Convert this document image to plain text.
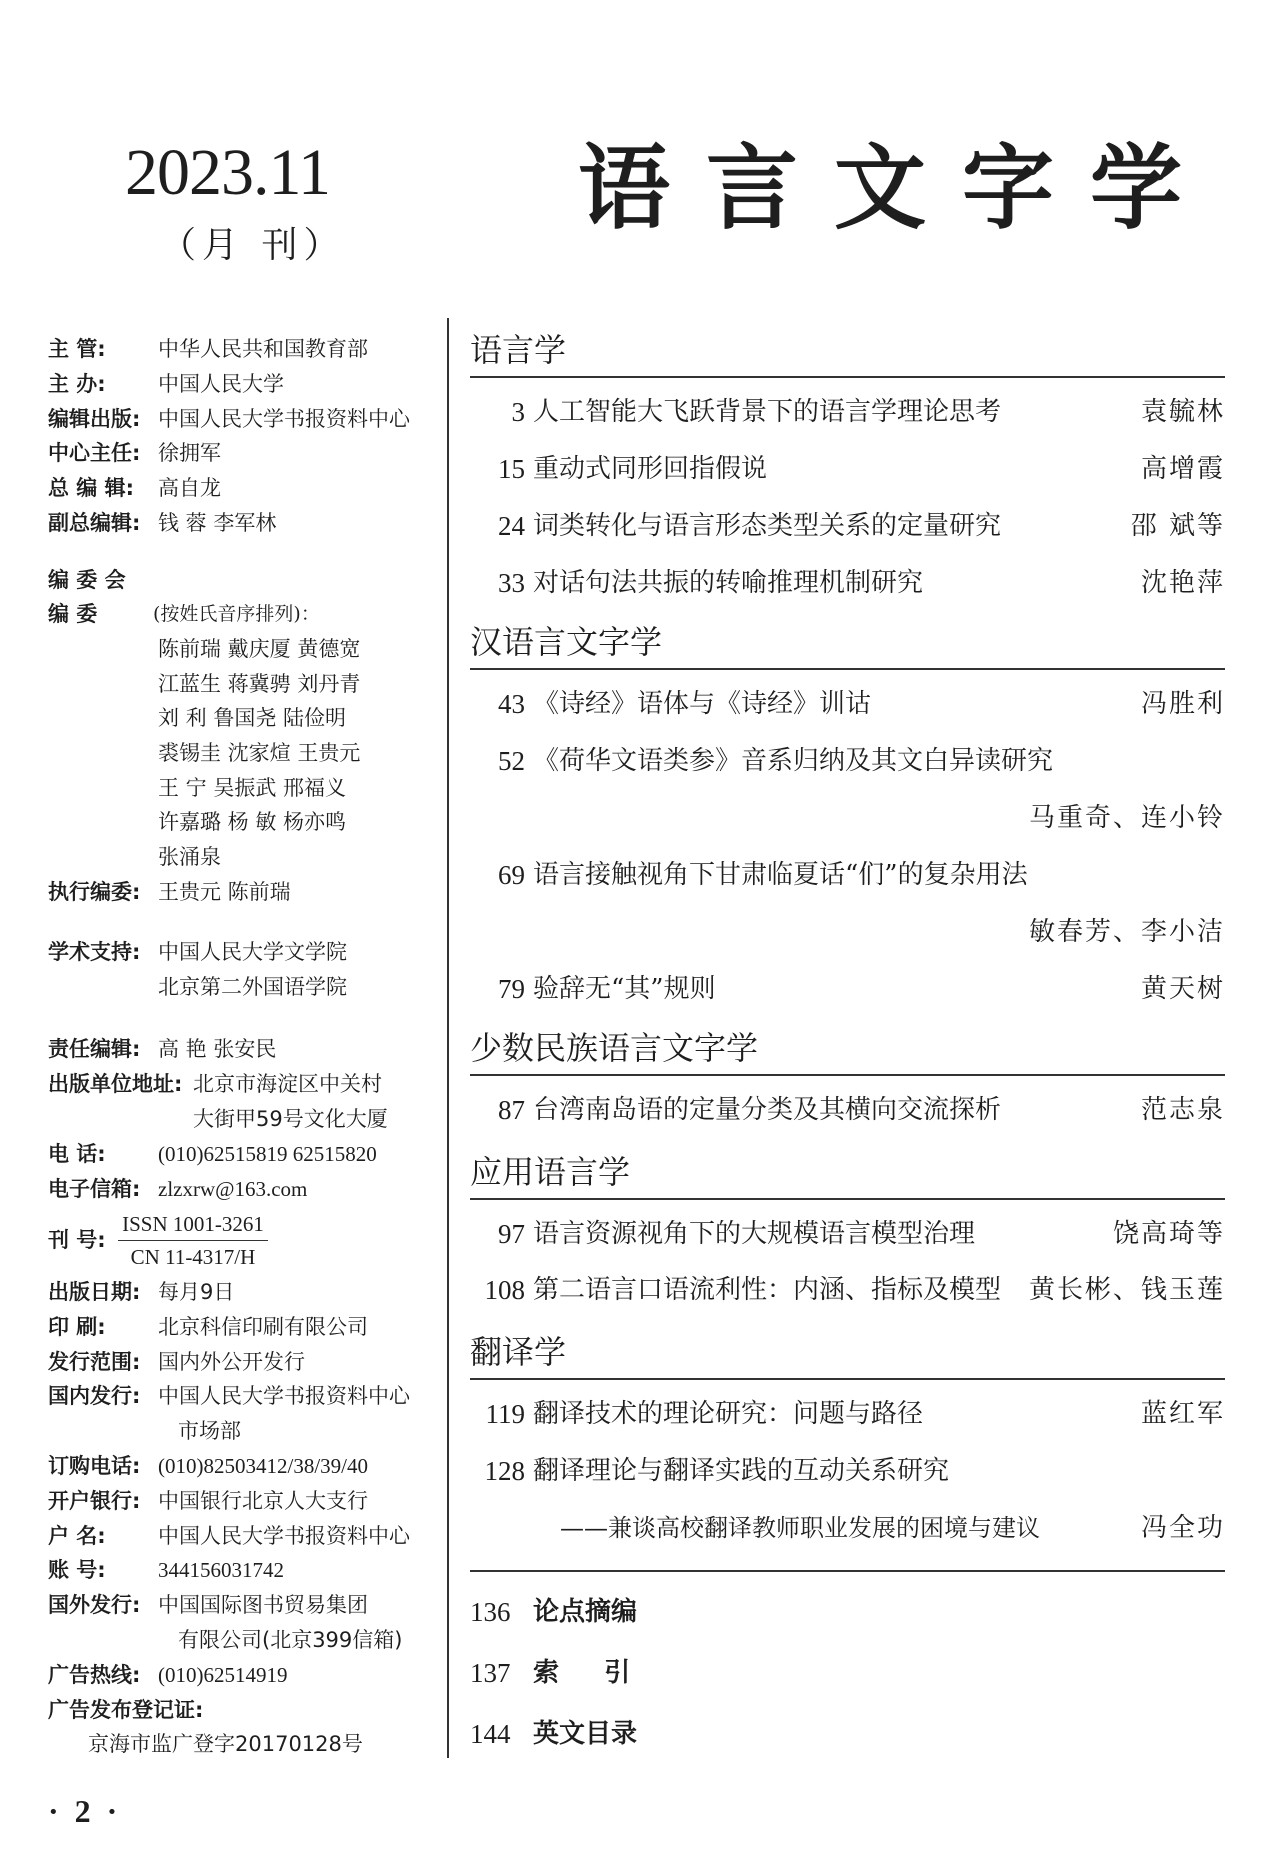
2023.11
（月 刊）
语言文字学
主 管: 中华人民共和国教育部
主 办: 中国人民大学
编辑出版: 中国人民大学书报资料中心
中心主任: 徐拥军
总 编 辑: 高自龙
副总编辑: 钱 蓉 李军林
编 委 会
编 委	(按姓氏音序排列)：
陈前瑞 戴庆厦 黄德宽
江蓝生 蒋冀骋 刘丹青
刘 利 鲁国尧 陆俭明
裘锡圭 沈家煊 王贵元
王 宁 吴振武 邢福义
许嘉璐 杨 敏 杨亦鸣
张涌泉
执行编委: 王贵元 陈前瑞
学术支持: 中国人民大学文学院
北京第二外国语学院
责任编辑: 高 艳 张安民
出版单位地址: 北京市海淀区中关村
大街甲59号文化大厦
电 话: (010)62515819 62515820
电子信箱: zlzxrw@163.com
刊 号:
ISSN 1001-3261
CN 11-4317/H
出版日期: 每月9日
印 刷: 北京科信印刷有限公司
发行范围: 国内外公开发行
国内发行: 中国人民大学书报资料中心
市场部
订购电话: (010)82503412/38/39/40
开户银行: 中国银行北京人大支行
户 名: 中国人民大学书报资料中心
账 号: 344156031742
国外发行: 中国国际图书贸易集团
有限公司(北京399信箱)
广告热线: (010)62514919
广告发布登记证:
京海市监广登字20170128号
语言学
3 人工智能大飞跃背景下的语言学理论思考	袁毓林
15 重动式同形回指假说	高增霞
24 词类转化与语言形态类型关系的定量研究	邵 斌等
33 对话句法共振的转喻推理机制研究	沈艳萍
汉语言文字学
43 《诗经》语体与《诗经》训诂	冯胜利
52 《荷华文语类参》音系归纳及其文白异读研究
马重奇、连小铃
69 语言接触视角下甘肃临夏话“们”的复杂用法
敏春芳、李小洁
79 验辞无“其”规则	黄天树
少数民族语言文字学
87 台湾南岛语的定量分类及其横向交流探析	范志泉
应用语言学
97 语言资源视角下的大规模语言模型治理	饶高琦等
108 第二语言口语流利性：内涵、指标及模型 黄长彬、钱玉莲
翻译学
119 翻译技术的理论研究：问题与路径	蓝红军
128 翻译理论与翻译实践的互动关系研究
——兼谈高校翻译教师职业发展的困境与建议	冯全功
136 论点摘编
137 索     引
144 英文目录
· 2 ·
